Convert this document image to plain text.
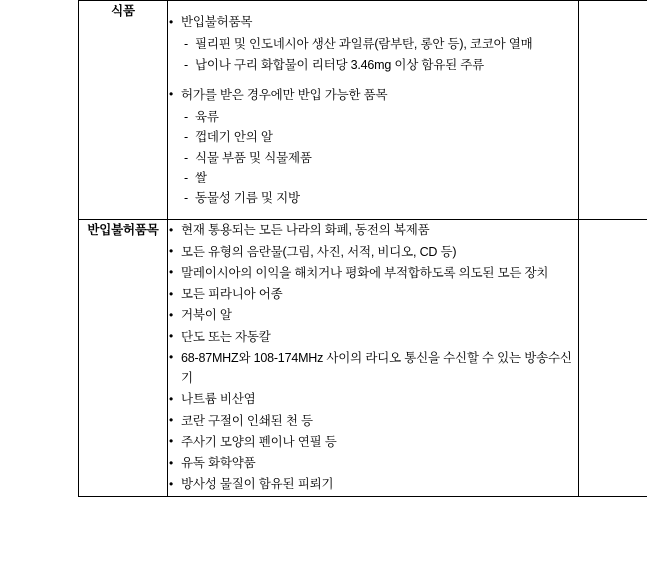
식품	
• 반입불허품목
- 필리핀 및 인도네시아 생산 과일류(람부탄, 롱안 등), 코코아 열매
- 납이나 구리 화합물이 리터당 3.46mg 이상 함유된 주류
• 허가를 받은 경우에만 반입 가능한 품목
- 육류
- 껍데기 안의 알
- 식물 부품 및 식물제품
- 쌀
- 동물성 기름 및 지방

반입불허품목	
•현재 통용되는 모든 나라의 화폐, 동전의 복제품
• 모든 유형의 음란물(그림, 사진, 서적, 비디오, CD 등)
• 말레이시아의 이익을 해치거나 평화에 부적합하도록 의도된 모든 장치
• 모든 피라니아 어종
• 거북이 알
• 단도 또는 자동칼
• 68-87MHZ와 108-174MHz 사이의 라디오 통신을 수신할 수 있는 방송수신기
• 나트륨 비산염
• 코란 구절이 인쇄된 천 등
• 주사기 모양의 펜이나 연필 등
• 유독 화학약품
• 방사성 물질이 함유된 피뢰기
